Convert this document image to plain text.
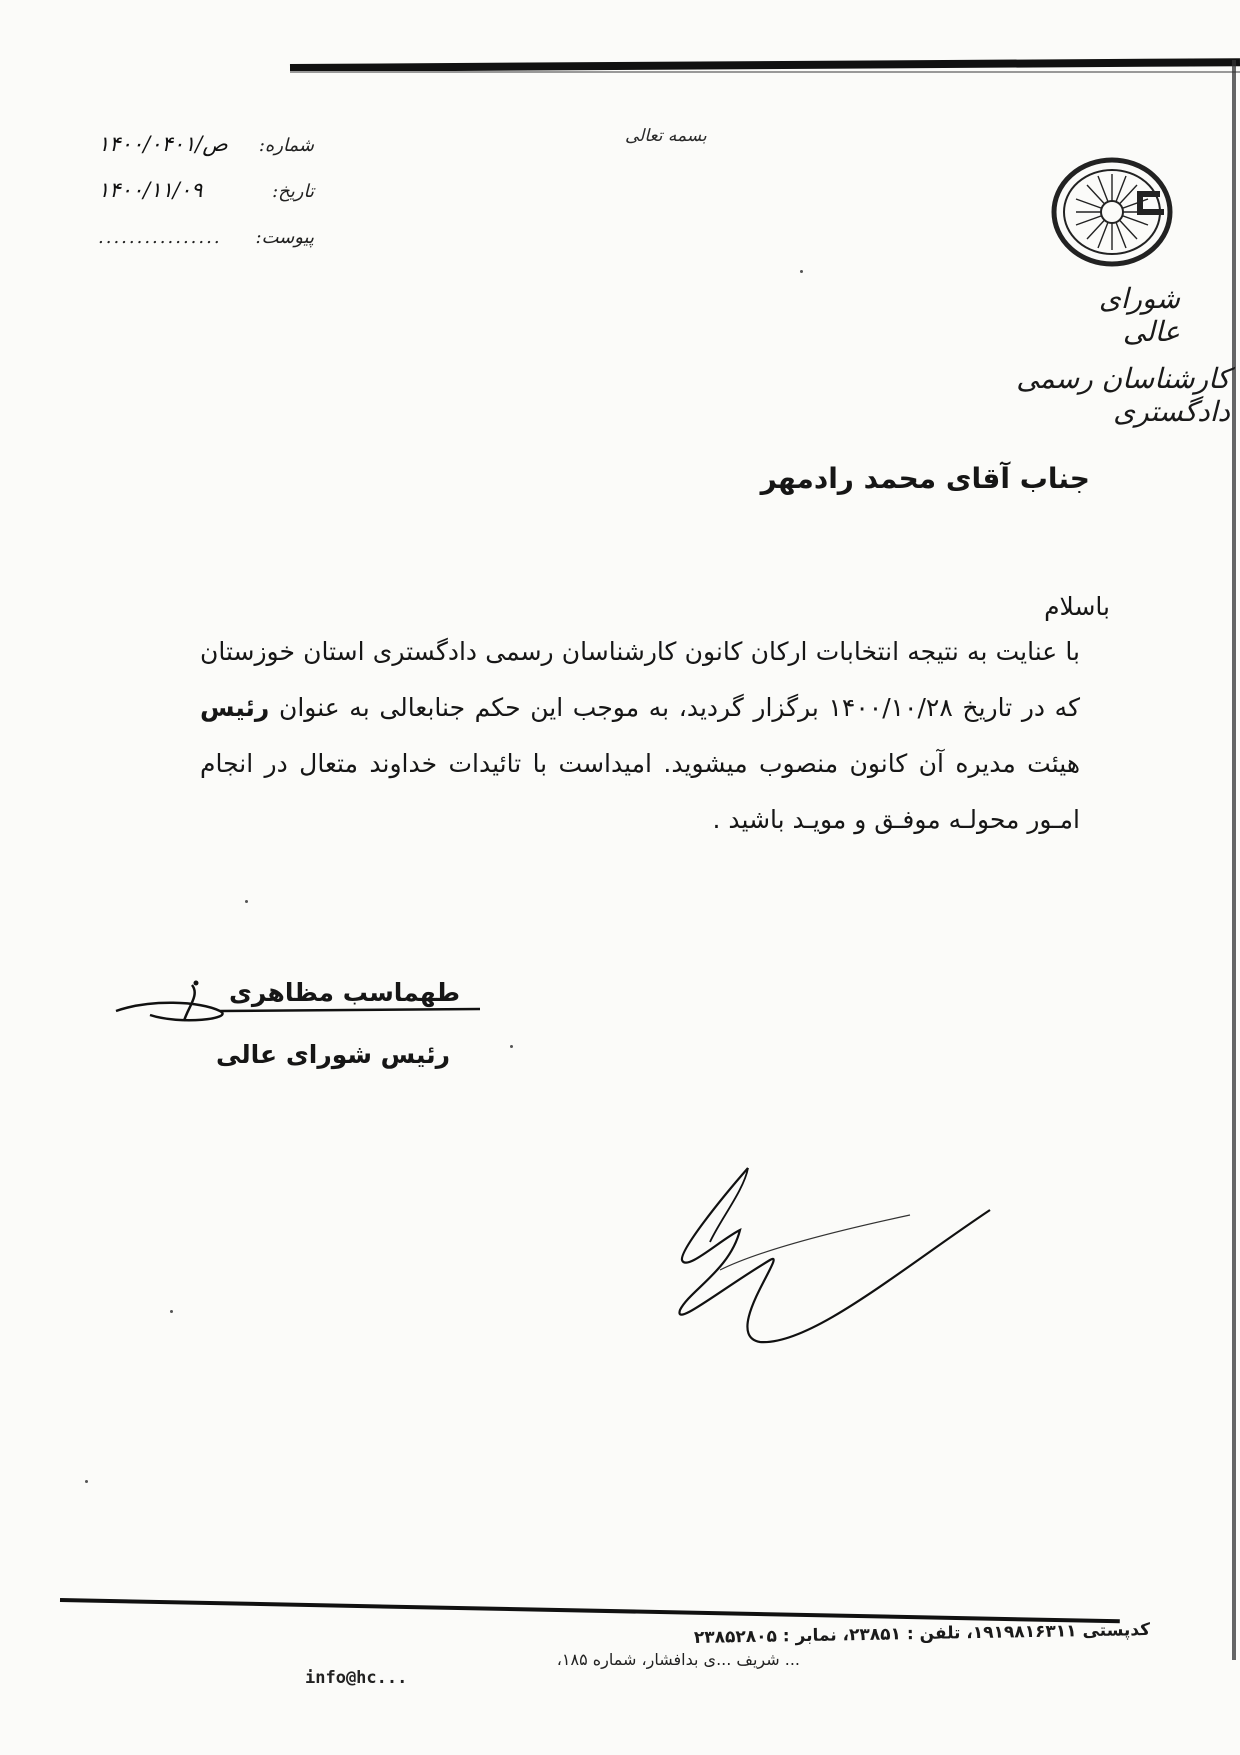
بسمه تعالی
شماره:
۱۴۰۰/۰۴۰۱/ص
تاریخ:
۱۴۰۰/۱۱/۰۹
پیوست:
................
شورای عالی
کارشناسان رسمی دادگستری
جناب آقای محمد رادمهر
باسلام
با عنایت به نتیجه انتخابات ارکان کانون کارشناسان رسمی دادگستری استان خوزستان که در تاریخ ۱۴۰۰/۱۰/۲۸ برگزار گردید، به موجب این حکم جنابعالی به عنوان رئیس هیئت مدیره آن کانون منصوب میشوید. امیداست با تائیدات خداوند متعال در انجام امـور محولـه موفـق و مویـد باشید .
طهماسب مظاهری
رئیس شورای عالی
کدپستی ۱۹۱۹۸۱۶۳۱۱، تلفن : ۲۳۸۵۱، نمابر : ۲۳۸۵۲۸۰۵
... شریف ...ی بدافشار، شماره ۱۸۵،
info@hc...
